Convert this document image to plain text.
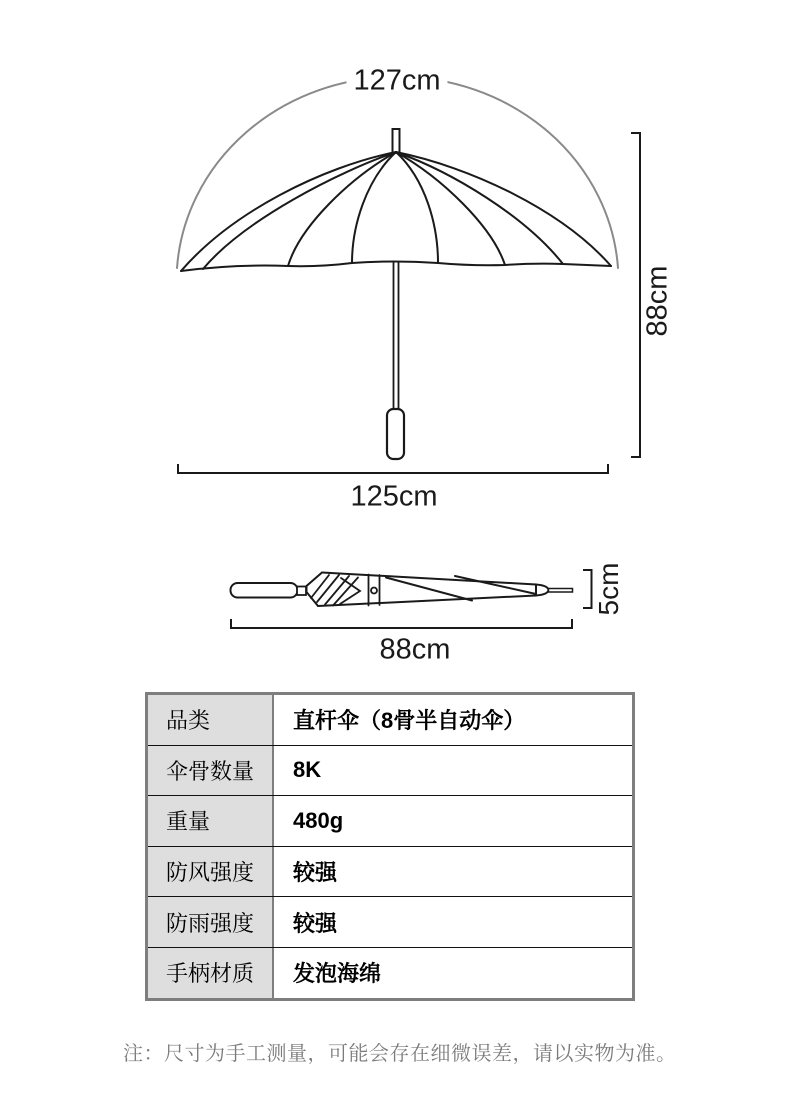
127cm
88cm
125cm
88cm
5cm
品类	直杆伞（8骨半自动伞）
伞骨数量	8K
重量	480g
防风强度	较强
防雨强度	较强
手柄材质	发泡海绵

注：尺寸为手工测量，可能会存在细微误差，请以实物为准。
